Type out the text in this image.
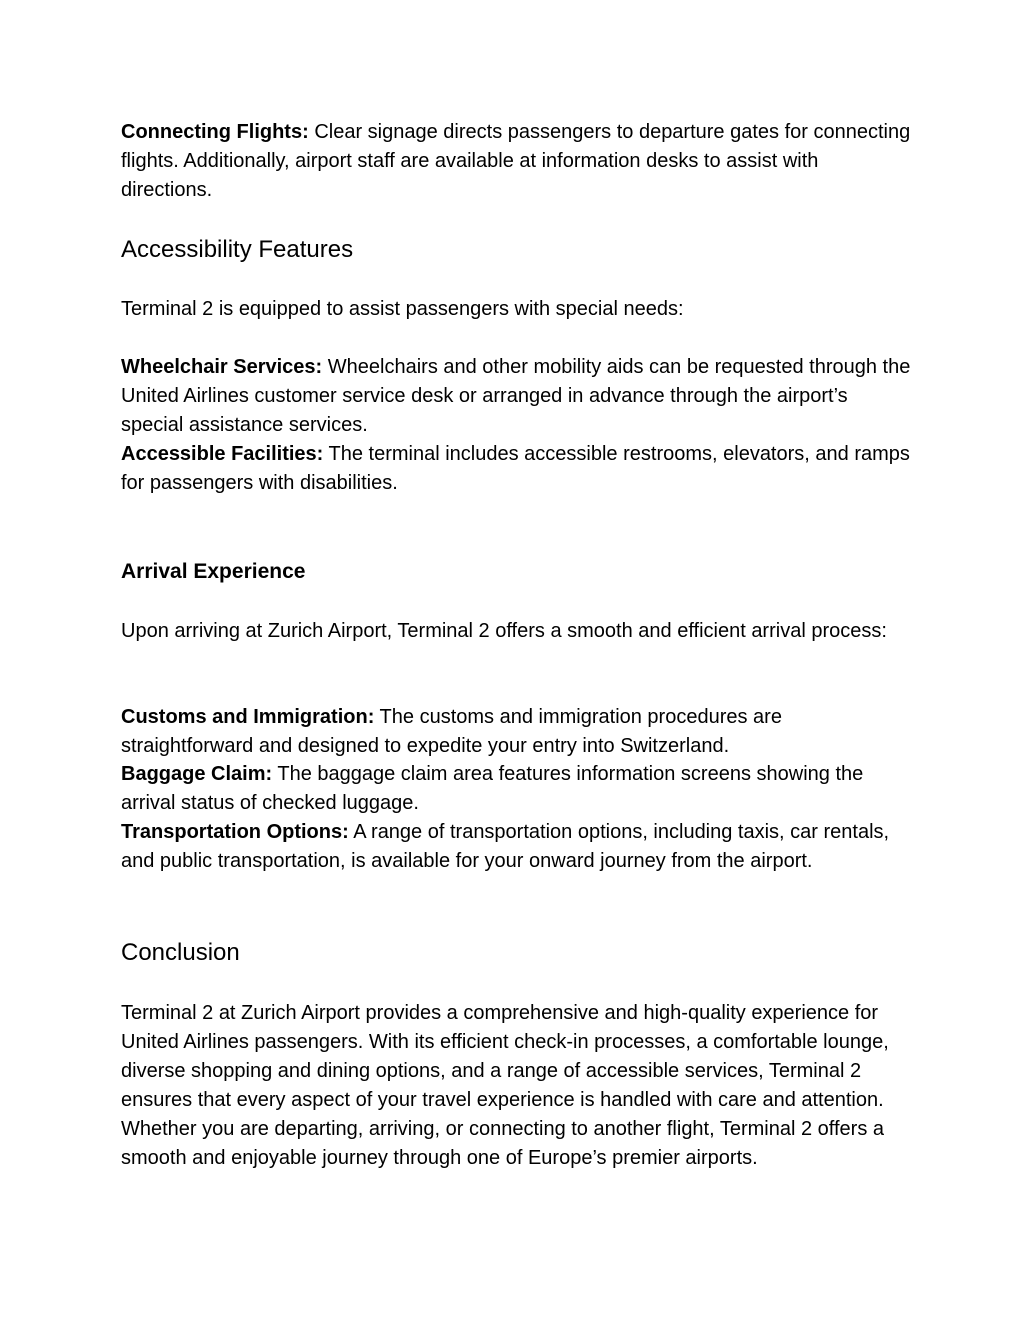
Connecting Flights: Clear signage directs passengers to departure gates for connecting flights. Additionally, airport staff are available at information desks to assist with directions.

Accessibility Features

Terminal 2 is equipped to assist passengers with special needs:

Wheelchair Services: Wheelchairs and other mobility aids can be requested through the United Airlines customer service desk or arranged in advance through the airport’s special assistance services.

Accessible Facilities: The terminal includes accessible restrooms, elevators, and ramps for passengers with disabilities.

Arrival Experience

Upon arriving at Zurich Airport, Terminal 2 offers a smooth and efficient arrival process:

Customs and Immigration: The customs and immigration procedures are straightforward and designed to expedite your entry into Switzerland.

Baggage Claim: The baggage claim area features information screens showing the arrival status of checked luggage.

Transportation Options: A range of transportation options, including taxis, car rentals, and public transportation, is available for your onward journey from the airport.

Conclusion

Terminal 2 at Zurich Airport provides a comprehensive and high-quality experience for United Airlines passengers. With its efficient check-in processes, a comfortable lounge, diverse shopping and dining options, and a range of accessible services, Terminal 2 ensures that every aspect of your travel experience is handled with care and attention. Whether you are departing, arriving, or connecting to another flight, Terminal 2 offers a smooth and enjoyable journey through one of Europe’s premier airports.
